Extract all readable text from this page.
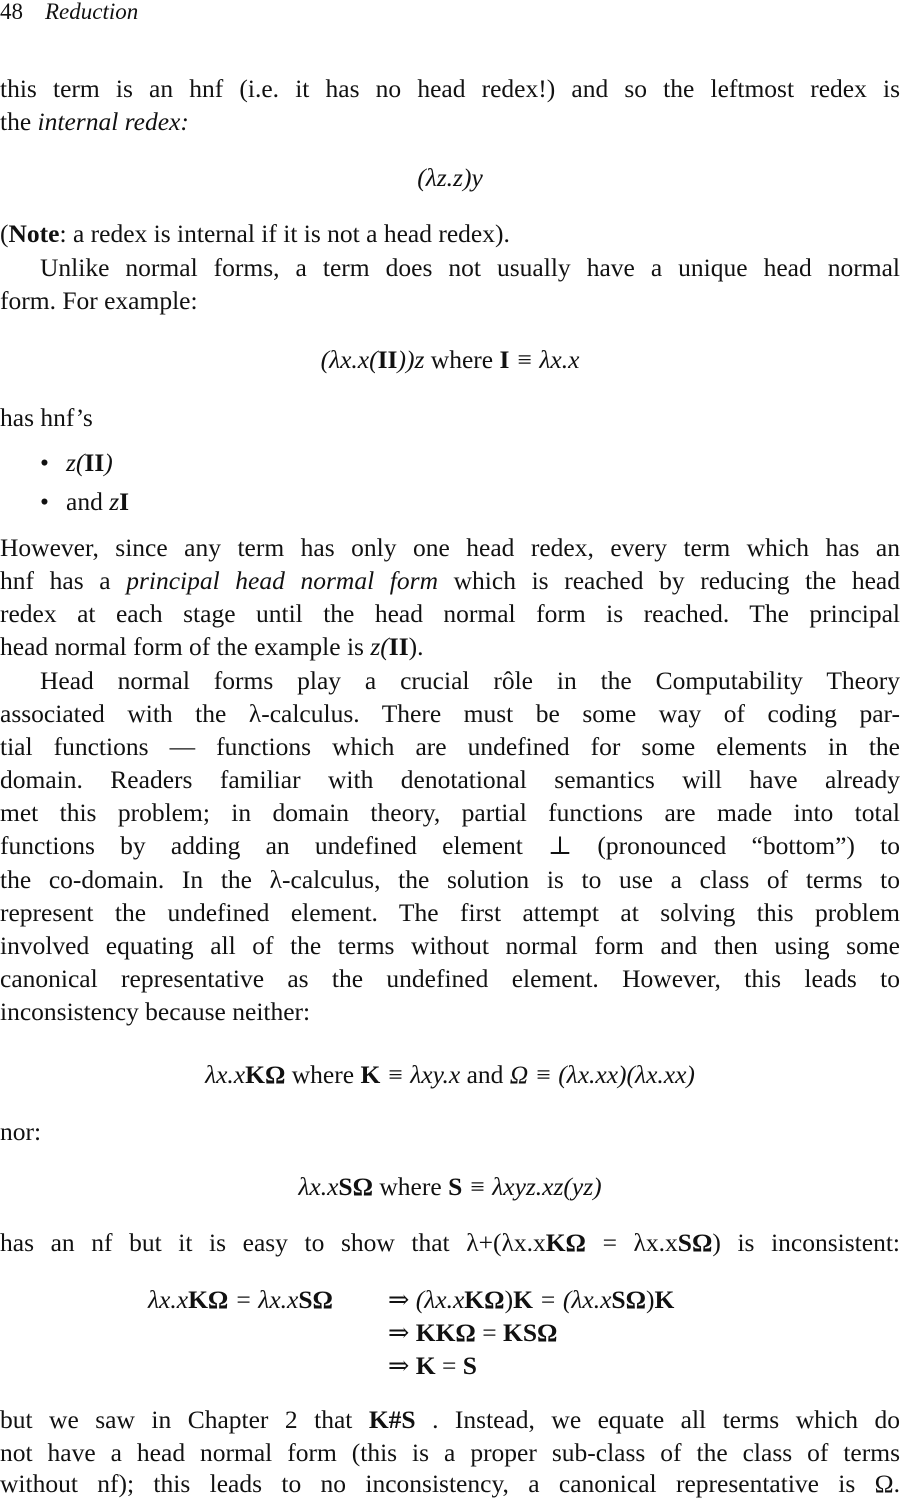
48 Reduction
this term is an hnf (i.e. it has no head redex!) and so the leftmost redex is
the internal redex:
(λz.z)y
(Note: a redex is internal if it is not a head redex).
Unlike normal forms, a term does not usually have a unique head normal
form. For example:
(λx.x(II))z where I ≡ λx.x
has hnf’s
• z(II)
• and zI
However, since any term has only one head redex, every term which has an
hnf has a principal head normal form which is reached by reducing the head
redex at each stage until the head normal form is reached. The principal
head normal form of the example is z(II).
Head normal forms play a crucial rôle in the Computability Theory
associated with the λ-calculus. There must be some way of coding par-
tial functions — functions which are undefined for some elements in the
domain. Readers familiar with denotational semantics will have already
met this problem; in domain theory, partial functions are made into total
functions by adding an undefined element ⊥ (pronounced “bottom”) to
the co-domain. In the λ-calculus, the solution is to use a class of terms to
represent the undefined element. The first attempt at solving this problem
involved equating all of the terms without normal form and then using some
canonical representative as the undefined element. However, this leads to
inconsistency because neither:
λx.xKΩ where K ≡ λxy.x and Ω ≡ (λx.xx)(λx.xx)
nor:
λx.xSΩ where S ≡ λxyz.xz(yz)
has an nf but it is easy to show that λ+(λx.xKΩ = λx.xSΩ) is inconsistent:
λx.xKΩ = λx.xSΩ ⇒ (λx.xKΩ)K = (λx.xSΩ)K
⇒ KKΩ = KSΩ
⇒ K = S
but we saw in Chapter 2 that K#S . Instead, we equate all terms which do
not have a head normal form (this is a proper sub-class of the class of terms
without nf); this leads to no inconsistency, a canonical representative is Ω.
